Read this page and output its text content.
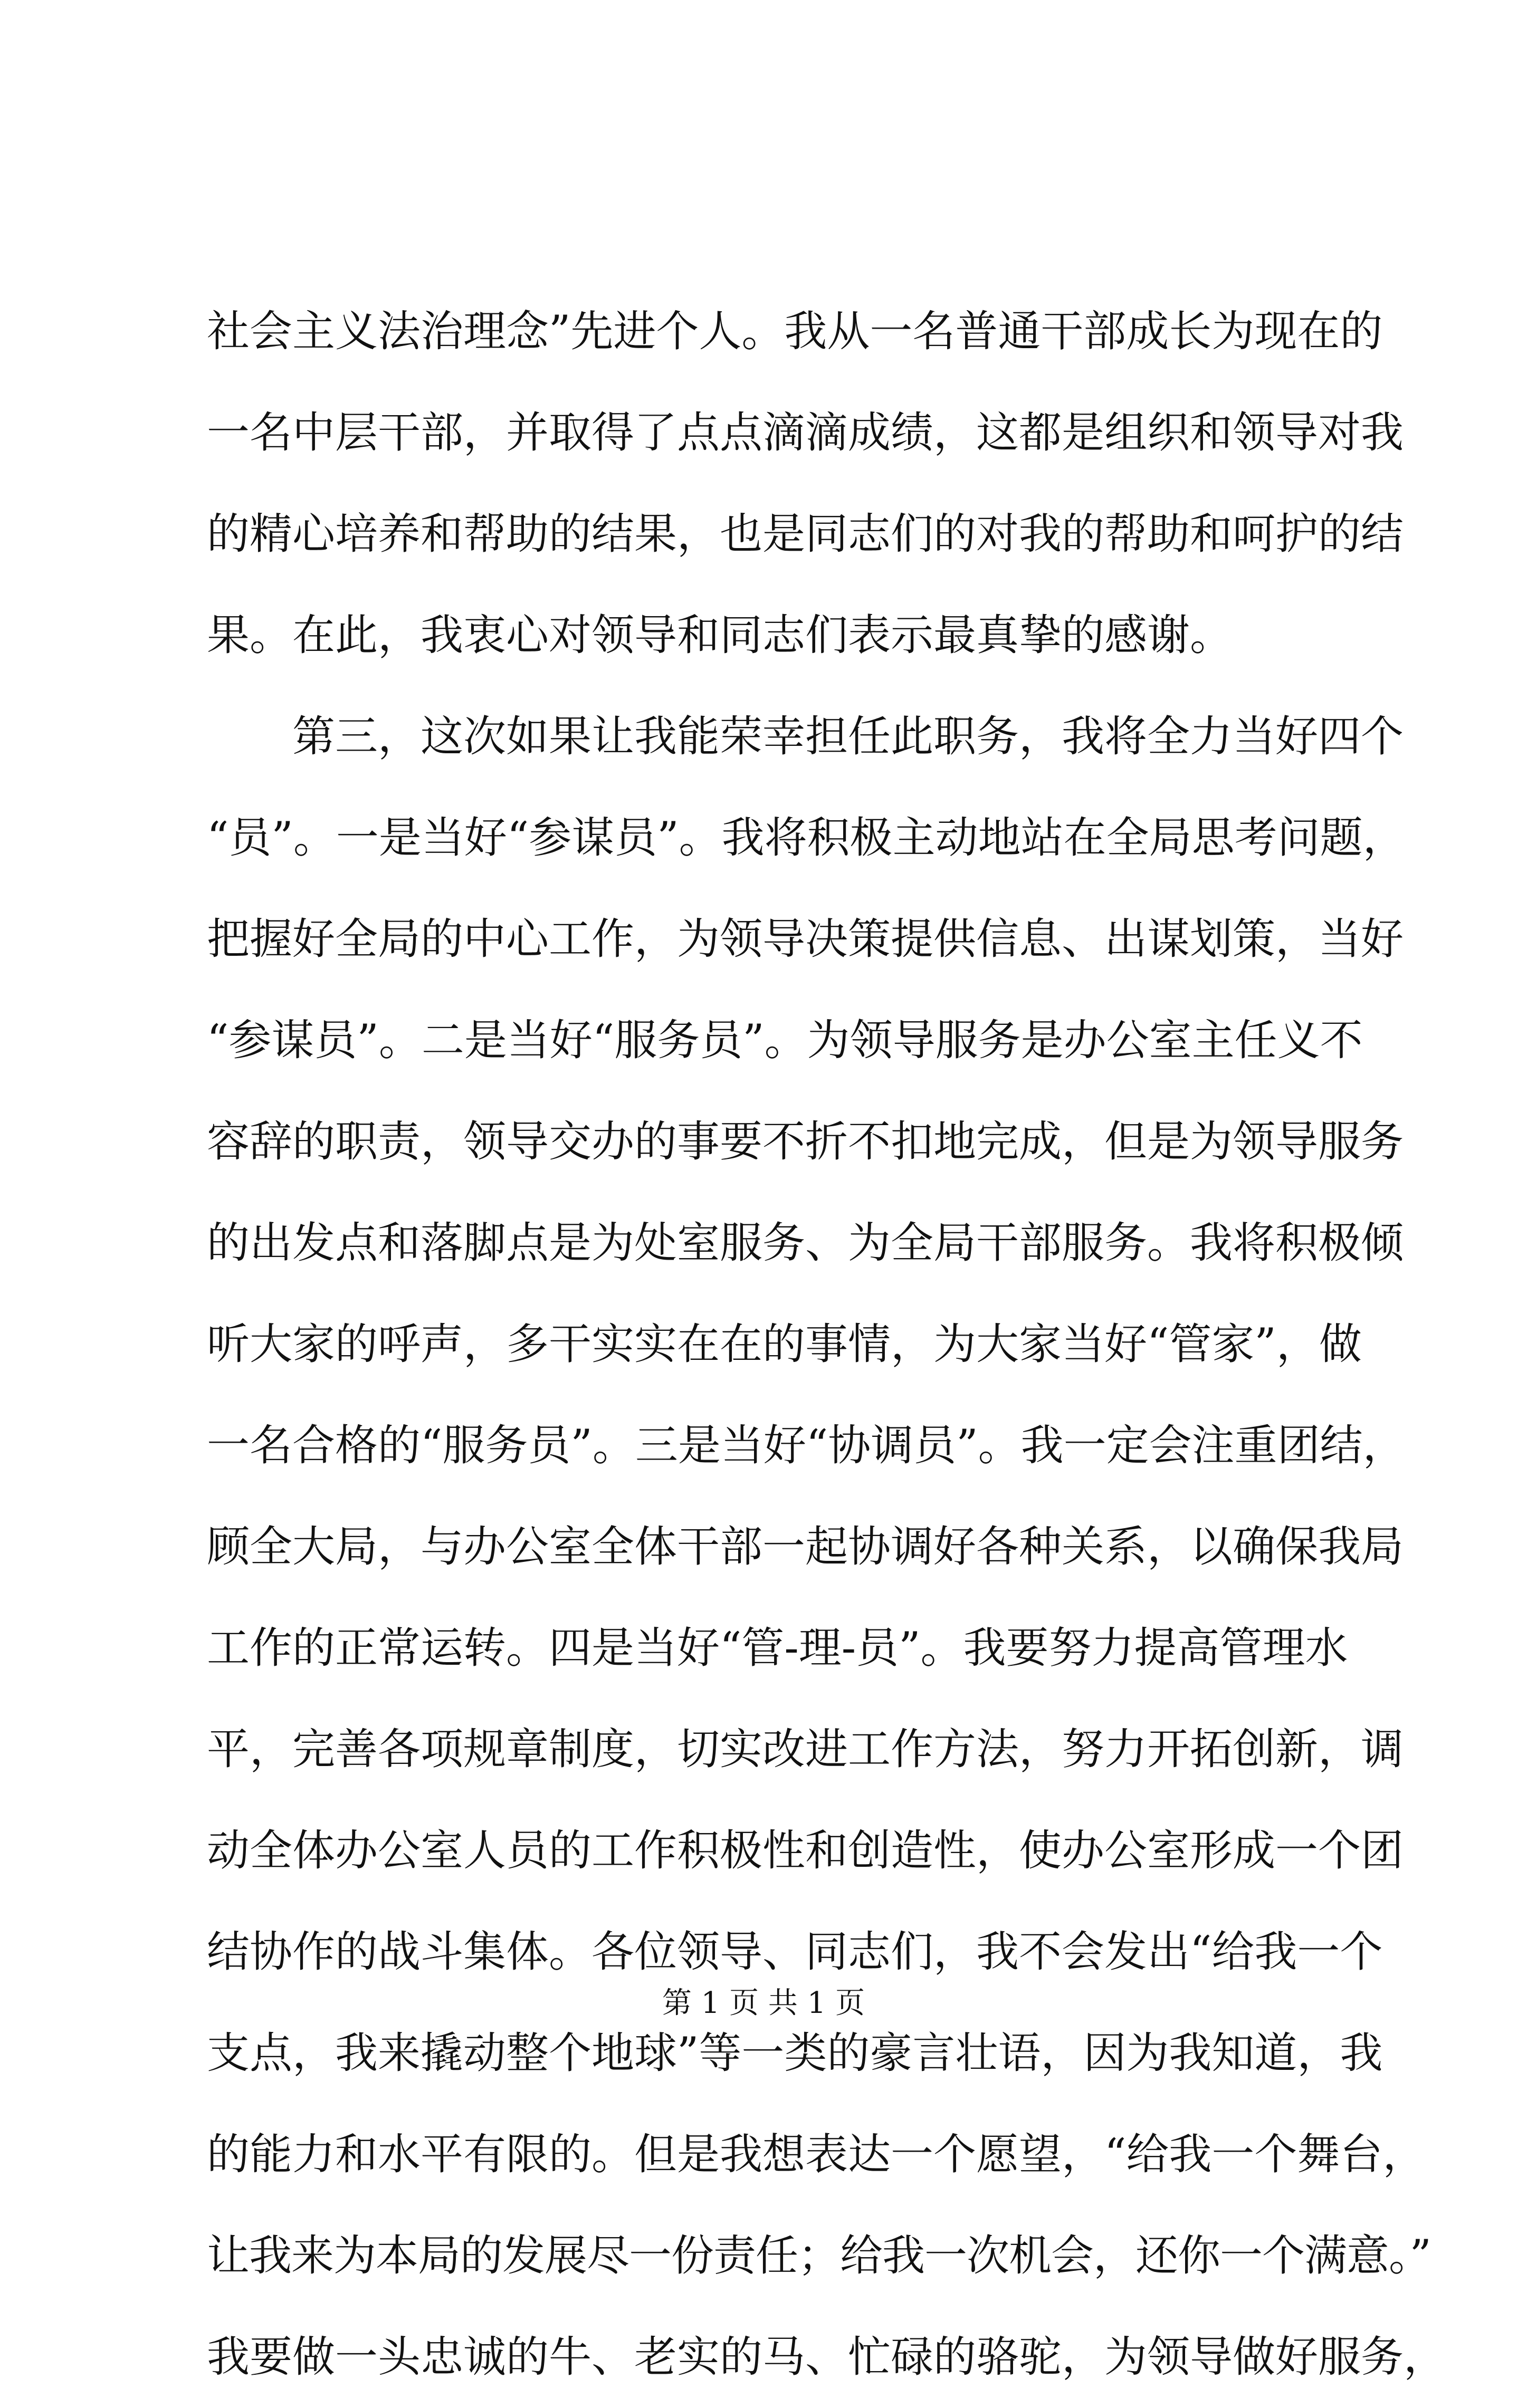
社会主义法治理念”先进个人。我从一名普通干部成长为现在的
一名中层干部，并取得了点点滴滴成绩，这都是组织和领导对我
的精心培养和帮助的结果，也是同志们的对我的帮助和呵护的结
果。在此，我衷心对领导和同志们表示最真挚的感谢。
第三，这次如果让我能荣幸担任此职务，我将全力当好四个
“员”。一是当好“参谋员”。我将积极主动地站在全局思考问题，
把握好全局的中心工作，为领导决策提供信息、出谋划策，当好
“参谋员”。二是当好“服务员”。为领导服务是办公室主任义不
容辞的职责，领导交办的事要不折不扣地完成，但是为领导服务
的出发点和落脚点是为处室服务、为全局干部服务。我将积极倾
听大家的呼声，多干实实在在的事情，为大家当好“管家”，做
一名合格的“服务员”。三是当好“协调员”。我一定会注重团结，
顾全大局，与办公室全体干部一起协调好各种关系，以确保我局
工作的正常运转。四是当好“管-理-员”。我要努力提高管理水
平，完善各项规章制度，切实改进工作方法，努力开拓创新，调
动全体办公室人员的工作积极性和创造性，使办公室形成一个团
结协作的战斗集体。各位领导、同志们，我不会发出“给我一个
支点，我来撬动整个地球”等一类的豪言壮语，因为我知道，我
的能力和水平有限的。但是我想表达一个愿望，“给我一个舞台，
让我来为本局的发展尽一份责任；给我一次机会，还你一个满意。”
我要做一头忠诚的牛、老实的马、忙碌的骆驼，为领导做好服务，
第 1 页 共 1 页
